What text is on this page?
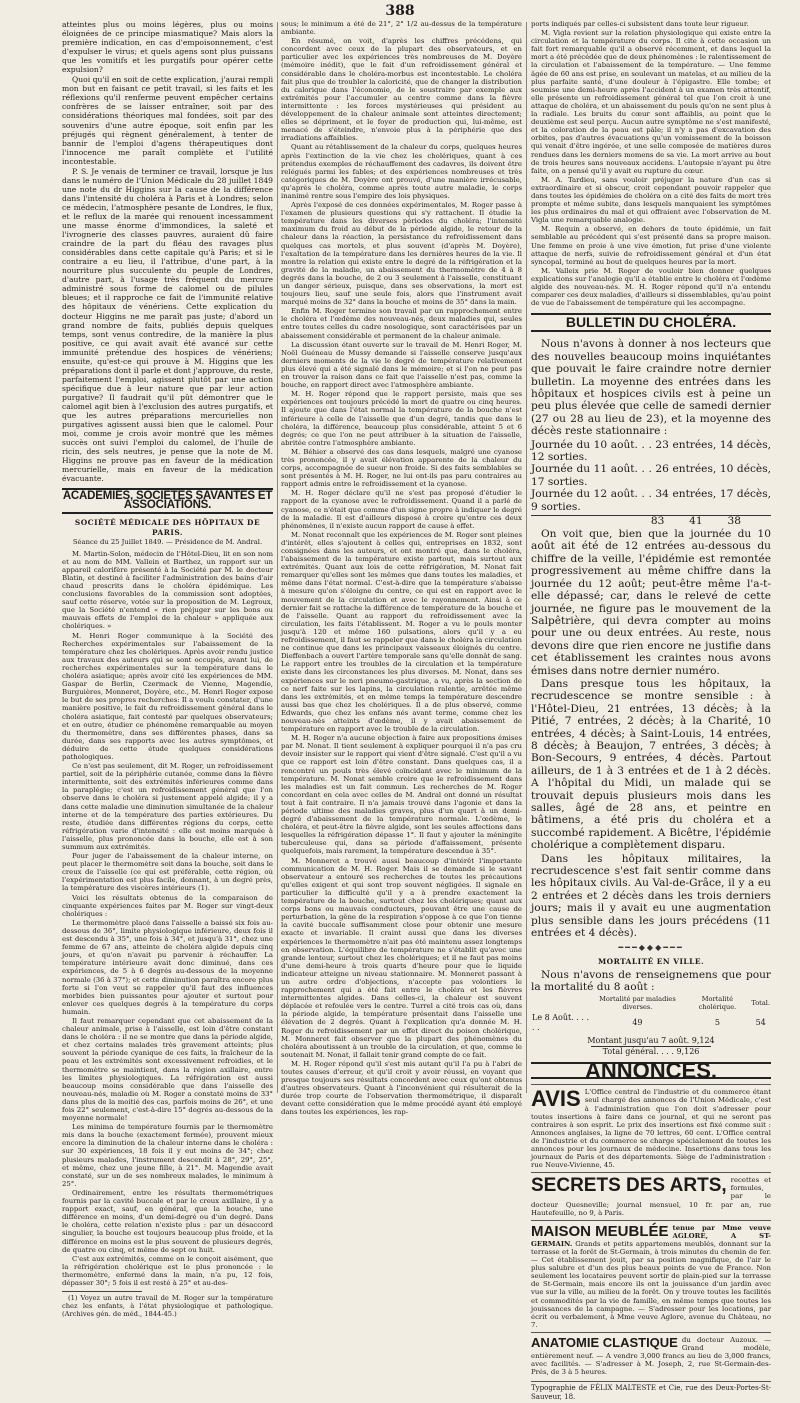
388

atteintes plus ou moins légères, plus ou moins éloignées de ce principe miasmatique? Mais alors la première indication, en cas d'empoisonnement, c'est d'expulser le virus; et quels agens sont plus puissans que les vomitifs et les purgatifs pour opérer cette expulsion?

Quoi qu'il en soit de cette explication, j'aurai rempli mon but en faisant ce petit travail, si les faits et les réflexions qu'il renferme peuvent empêcher certains confrères de se laisser entraîner, soit par des considérations théoriques mal fondées, soit par des souvenirs d'une autre époque, soit enfin par les préjugés qui règnent généralement, à tenter de bannir de l'emploi d'agens thérapeutiques dont l'innocence me paraît complète et l'utilité incontestable.

P. S. Je venais de terminer ce travail, lorsque je lus dans le numéro de l'Union Médicale du 28 juillet 1849 une note du dr Higgins sur la cause de la différence dans l'intensité du choléra à Paris et à Londres; selon ce médecin, l'atmosphère pesante de Londres, le flux, et le reflux de la marée qui renouent incessamment une masse énorme d'immondices, la saleté et l'ivrognerie des classes pauvres, auraient dû faire craindre de la part du fléau des ravages plus considérables dans cette capitale qu'à Paris; et si le contraire a eu lieu, il l'attribue, d'une part, à la nourriture plus succulente du peuple de Londres, d'autre part, à l'usage très fréquent du mercure administré sous forme de calomel ou de pilules bleues; et il rapproche ce fait de l'immunité relative des hôpitaux de vénériens. Cette explication du docteur Higgins ne me paraît pas juste; d'abord un grand nombre de faits, publiés depuis quelques temps, sont venus contredire, de la manière la plus positive, ce qui avait avait été avancé sur cette immunité prétendue des hospices de vénériens; ensuite, qu'est-ce qui prouve à M. Higgins que les préparations dont il parle et dont j'approuve, du reste, parfaitement l'emploi, agissent plutôt par une action spécifique due à leur nature que par leur action purgative? Il faudrait qu'il pût démontrer que le calomel agit bien à l'exclusion des autres purgatifs, et que les autres préparations mercurielles non purgatives agissent aussi bien que le calomel. Pour moi, comme je crois avoir montré que les mêmes succès ont suivi l'emploi du calomel, de l'huile de ricin, des sels neutres, je pense que la note de M. Higgins ne prouve pas en faveur de la médication mercurielle, mais en faveur de la médication évacuante.

ACADÉMIES, SOCIÉTÉS SAVANTES ET ASSOCIATIONS.
SOCIÉTÉ MÉDICALE DES HÔPITAUX DE PARIS.
Séance du 25 Juillet 1849. — Présidence de M. Andral.

M. Martin-Solon, médecin de l'Hôtel-Dieu, lit en son nom et au nom de MM. Vallein et Barthez, un rapport sur un appareil calorifère présenté à la Société par M. le docteur Blatin, et destiné à faciliter l'administration des bains d'air chaud prescrits dans le choléra épidémique. Les conclusions favorables de la commission sont adoptées, sauf cette réserve, votée sur la proposition de M. Legroux, que la Société n'entend « rien préjuger sur les bons ou mauvais effets de l'emploi de la chaleur » appliquée aux cholériques. »

M. Henri Roger communique à la Société des Recherches expérimentales sur l'abaissement de la température chez les cholériques. Après avoir rendu justice aux travaux des auteurs qui se sont occupés, avant lui, de recherches expérimentales sur la température dans le choléra asiatique; après avoir cité les expériences de MM. Gaspar de Berlin, Czermack de Vienne, Magendie, Burguières, Monneret, Doyère, etc., M. Henri Roger expose le but de ses propres recherches: Il a voulu constater, d'une manière positive, le fait du refroidissement général dans le choléra asiatique, fait contesté par quelques observateurs; et en outre, étudier ce phénomène remarquable au moyen du thermomètre, dans ses différentes phases, dans sa durée, dans ses rapports avec les autres symptômes, et déduire de cette étude quelques considérations pathologiques.

Ce n'est pas seulement, dit M. Roger, un refroidissement partiel, soit de la périphérie cutanée, comme dans la fièvre intermittente, soit des extrémités inférieures comme dans la paraplégie; c'est un refroidissement général que l'on observe dans le choléra si justement appelé algide; il y a dans cette maladie une diminution simultanée de la chaleur interne et de la température des parties extérieures. Du reste, étudiée dans différentes régions du corps, cette réfrigération varie d'intensité : elle est moins marquée à l'aisselle, plus prononcée dans la bouche, elle est à son summum aux extrémités.

Pour juger de l'abaissement de la chaleur interne, on peut placer le thermomètre soit dans la bouche, soit dans le creux de l'aisselle (ce qui est préférable, cette région, où l'expérimentation est plus facile, donnant, à un degré près, la température des viscères intérieurs (1).

Voici les résultats obtenus de la comparaison de cinquante expériences faites par M. Roger sur vingt-deux cholériques :

Le thermomètre placé dans l'aisselle a baissé six fois au-dessous de 36°, limite physiologique inférieure, deux fois il est descendu à 35°, une fois à 34°, et jusqu'à 31°, chez une femme de 67 ans, atteinte de choléra algide depuis cinq jours, et qu'on n'avait pu parvenir à réchauffer. La température intérieure avait donc diminué, dans ces expériences, de 5 à 6 degrés au-dessous de la moyenne normale (36 à 37°); et cette diminution paraîtra encore plus forte si l'on veut se rappeler qu'il faut des influences morbides bien puissantes pour ajouter et surtout pour enlever ces quelques degrés à la température du corps humain.

Il faut remarquer cependant que cet abaissement de la chaleur animale, prise à l'aisselle, est loin d'être constant dans le choléra : il ne se montre que dans la période algide, et chez certains malades très gravement atteints; plus souvent la période cyanique de ces faits, la fraîcheur de la peau et les extrémités sont excessivement refroidies, et le thermomètre se maintient, dans la région axillaire, entre les limites physiologiques. La réfrigération est aussi beaucoup moins considérable que dans l'aisselle des nouveau-nés, maladie où M. Roger a constaté moins de 33° dans plus de la moitié des cas, parfois moins de 26°, et une fois 22° seulement, c'est-à-dire 15° degrés au-dessous de la moyenne normale!

Les minima de température fournis par le thermomètre mis dans la bouche (exactement fermée), prouvent mieux encore la diminution de la chaleur interne dans le choléra : sur 30 expériences, 18 fois il y eut moins de 34°; chez plusieurs malades, l'instrument descendit à 28°, 29°, 25°, et même, chez une jeune fille, à 21°. M. Magendie avait constaté, sur un de ses nombreux malades, le minimum à 25°.

Ordinairement, entre les résultats thermométriques fournis par la cavité buccale et par le creux axillaire, il y a rapport exact, sauf, en général, que la bouche, une différence en moins, d'un demi-degré ou d'un degré. Dans le choléra, cette relation n'existe plus : par un désaccord singulier, la bouche est toujours beaucoup plus froide, et la différence en moins est le plus souvent de plusieurs degrés, de quatre ou cinq, et même de sept ou huit.

C'est aux extrémités, comme on le conçoit aisément, que la réfrigération cholérique est le plus prononcée : le thermomètre, enfermé dans la main, n'a pu, 12 fois, dépasser 30°; 5 fois il est resté à 25° et au-des-

(1) Voyez un autre travail de M. Roger sur la température chez les enfants, à l'état physiologique et pathologique. (Archives gén. de méd., 1844-45.)

sous; le minimum a été de 21°, 2° 1/2 au-dessus de la température ambiante.

En résumé, on voit, d'après les chiffres précédens, qui concordent avec ceux de la plupart des observateurs, et en particulier avec les expériences très nombreuses de M. Doyère (mémoire inédit), que le fait d'un refroidissement général et considérable dans le choléra-morbus est incontestable. Le choléra fait plus que de troubler la caloricité, que de changer la distribution du calorique dans l'économie, de le soustraire par exemple aux extrémités pour l'accumuler au centre comme dans la fièvre intermittente : les forces mystérieuses qui président au développement de la chaleur animale sont atteintes directement; elles se dépriment, et le foyer de production qui, lui-même, est menacé de s'éteindre, n'envoie plus à la périphérie que des irradiations affaiblies.

Quant au rétablissement de la chaleur du corps, quelques heures après l'extinction de la vie chez les cholériques, quant à ces prétendus exemples de réchauffement des cadavres, ils doivent être relégués parmi les fables; et des expériences nombreuses et très catégoriques de M. Doyère ont prouvé, d'une manière irrécusable, qu'après le choléra, comme après toute autre maladie, le corps inanimé rentre sous l'empire des lois physiques.

Après l'exposé de ces données expérimentales, M. Roger passe à l'examen de plusieurs questions qui s'y rattachent. Il étudie la température dans les diverses périodes du choléra; l'intensité maximum du froid au début de la période algide, le retour de la chaleur dans la réaction, la persistance du refroidissement dans quelques cas mortels, et plus souvent (d'après M. Doyère), l'exaltation de la température dans les dernières heures de la vie. Il montre la relation qui existe entre le degré de la réfrigération et la gravité de la maladie, un abaissement du thermomètre de 4 à 8 degrés dans la bouche, de 2 ou 3 seulement à l'aisselle, constituant un danger sérieux, puisque, dans ses observations, la mort est toujours lieu, sauf une seule fois, alors que l'instrument avait marqué moins de 32° dans la bouche et moins de 35° dans la main.

Enfin M. Roger termine son travail par un rapprochement entre le choléra et l'œdème des nouveau-nés, deux maladies qui, seules entre toutes celles du cadre nosologique, sont caractérisées par un abaissement considérable et permanent de la chaleur animale.

La discussion étant ouverte sur le travail de M. Henri Roger, M. Noël Guéneau de Mussy demande si l'aisselle conserve jusqu'aux derniers moments de la vie le degré de température relativement plus élevé qui a été signalé dans le mémoire; et si l'on ne peut pas en trouver la raison dans ce fait que l'aisselle n'est pas, comme la bouche, en rapport direct avec l'atmosphère ambiante.

M. H. Roger répond que le rapport persiste, mais que ses expériences ont toujours précédé la mort de quatre ou cinq heures. Il ajoute que dans l'état normal la température de la bouche n'est inférieure à celle de l'aisselle que d'un degré, tandis que dans le choléra, la différence, beaucoup plus considérable, atteint 5 et 6 degrés; ce que l'on ne peut attribuer à la situation de l'aisselle, abritée contre l'atmosphère ambiante.

M. Béhier a observé des cas dans lesquels, malgré une cyanose très prononcée, il y avait élévation apparente de la chaleur du corps, accompagnée de sueur non froide. Si des faits semblables se sont présentés à M. H. Roger, ne lui ont-ils pas paru contraires au rapport admis entre le refroidissement et la cyanose.

M. H. Roger déclare qu'il ne s'est pas proposé d'étudier le rapport de la cyanose avec le refroidissement. Quand il a parlé de cyanose, ce n'était que comme d'un signe propre à indiquer le degré de la maladie. Il est d'ailleurs disposé à croire qu'entre ces deux phénomènes, il n'existe aucun rapport de cause à effet.

M. Nonat reconnaît que les expériences de M. Roger sont pleines d'intérêt, elles s'ajoutent à celles qui, entreprises en 1832, sont consignées dans les auteurs, et ont montré que, dans le choléra, l'abaissement de la température existe partout, mais surtout aux extrémités. Quant aux lois de cette réfrigération, M. Nonat fait remarquer qu'elles sont les mêmes que dans toutes les maladies, et même dans l'état normal. C'est-à-dire que la température s'abaisse à mesure qu'on s'éloigne du centre, ce qui est en rapport avec le mouvement de la circulation et avec le rayonnement. Ainsi à ce dernier fait se rattache la différence de température de la bouche et de l'aisselle. Quant au rapport du refroidissement avec la circulation, les faits l'établissent. M. Roger a vu le pouls monter jusqu'à 120 et même 160 pulsations, alors qu'il y a eu refroidissement, il faut se rappeler que dans le choléra la circulation ne continue que dans les principaux vaisseaux éloignés du centre. Dieffenbach a ouvert l'artère temporale sans qu'elle donnât de sang. Le rapport entre les troubles de la circulation et la température existe dans les circonstances les plus diverses. M. Nonat, dans ses expériences sur le neri pneumo-gastrique, a vu, après la section de ce nerf faite sur les lapins, la circulation ralentie, arrêtée même dans les extrémités, et en même temps la température descendre aussi bas que chez les cholériques. Il a de plus observé, comme Edwards, que chez les enfans nés avant terme, comme chez les nouveau-nés atteints d'œdème, il y avait abaissement de température en rapport avec le trouble de la circulation.

M. H. Roger n'a aucune objection à faire aux propositions émises par M. Nonat. Il tient seulement à expliquer pourquoi il n'a pas cru devoir insister sur le rapport qui vient d'être signalé. C'est qu'il a vu que ce rapport est loin d'être constant. Dans quelques cas, il a rencontré un pouls très élevé coïncidant avec le minimum de la température. M. Nonat semble croire que le refroidissement dans les maladies est un fait commun. Les recherches de M. Roger concordant en cela avec celles de M. Andral ont donné un résultat tout à fait contraire. Il n'a jamais trouvé dans l'agonie et dans la période ultime des maladies graves, plus d'un quart à un demi-degré d'abaissement de la température normale. L'œdème, le choléra, et peut-être la fièvre algide, sont les seules affections dans lesquelles la réfrigération dépasse 1°. Il faut y ajouter la méningite tuberculeuse qui, dans sa période d'affaissement, présente quelquefois, mais rarement, la température descendue à 35°.

M. Monneret a trouvé aussi beaucoup d'intérêt l'importante communication de M. H. Roger. Mais il se demande si le savant observateur a entouré ses recherches de toutes les précautions qu'elles exigent et qui sont trop souvent négligées. Il signale en particulier la difficulté qu'il y a à prendre exactement la température de la bouche, surtout chez les cholériques; quant aux corps bons ou mauvais conducteurs, pouvant être une cause de perturbation, la gêne de la respiration s'oppose à ce que l'on tienne la cavité buccale suffisamment close pour obtenir une mesure exacte et invariable. Il craint aussi que dans les diverses expériences le thermomètre n'ait pas été maintenu assez longtemps en observation. L'équilibre de température ne s'établit qu'avec une grande lenteur, surtout chez les cholériques; et il ne faut pas moins d'une demi-heure à trois quarts d'heure pour que le liquide indicateur atteigne un niveau stationnaire. M. Monneret passant à un autre ordre d'objections, n'accepte pas volontiers le rapprochement qui a été fait entre le choléra et les fièvres intermittentes algides. Dans celles-ci, la chaleur est souvent déplacée et refoulée vers le centre. Turrel a cité trois cas où, dans la période algide, la température présentait dans l'aisselle une élévation de 2 degrés. Quant à l'explication qu'a donnée M. H. Roger du refroidissement par un effet direct du poison cholérique, M. Monneret fait observer que la plupart des phénomènes du choléra aboutissent à un trouble de la circulation, et que, comme le soutenait M. Nonat, il fallait tenir grand compte de ce fait.

M. H. Roger répond qu'il s'est mis autant qu'il l'a pu à l'abri de toutes causes d'erreur, et qu'il croit y avoir réussi, en voyant que presque toujours ses résultats concordent avec ceux qu'ont obtenus d'autres observateurs. Quant à l'inconvénient qui résulterait de la durée trop courte de l'observation thermométrique, il disparaît devant cette considération que le même procédé ayant été employé dans toutes les expériences, les rap-

ports indiqués par celles-ci subsistent dans toute leur rigueur.

M. Vigla revient sur la relation physiologique qui existe entre la circulation et la température du corps. Il cite à cette occasion un fait fort remarquable qu'il a observé récemment, et dans lequel la mort a été précédée que de deux phénomènes : le ralentissement de la circulation et l'abaissement de la température. — Une femme âgée de 60 ans est prise, en soulevant un matelas, et au milieu de la plus parfaite santé, d'une douleur à l'épigastre. Elle tombe; et soumise une demi-heure après l'accident à un examen très attentif, elle présente un refroidissement général tel que l'on croit à une attaque de choléra, et un abaissement du pouls qu'on ne sent plus à la radiale. Les bruits du cœur sont affaiblis, au point que le deuxième est seul perçu. Aucun autre symptôme ne s'est manifesté, et la coloration de la peau est pâle; il n'y a pas d'excavation des orbites, pas d'autres évacuations qu'un vomissement de la boisson qui venait d'être ingérée, et une selle composée de matières dures rendues dans les derniers momens de sa vie. La mort arrive au bout de trois heures sans nouveaux accidens. L'autopsie n'ayant pu être faite, on a pensé qu'il y avait eu rupture du cœur.

M. A. Tardieu, sans vouloir préjuger la nature d'un cas si extraordinaire et si obscur, croit cependant pouvoir rappeler que dans toutes les épidémies de choléra on a cité des faits de mort très prompte et même subite, dans lesquels manquaient les symptômes les plus ordinaires du mal et qui offraient avec l'observation de M. Vigla une remarquable analogie.

M. Requin a observé, en dehors de toute épidémie, un fait semblable au précédent qui s'est présenté dans sa propre maison. Une femme en proie à une vive émotion, fut prise d'une violente attaque de nerfs, suivie de refroidissement général et d'un état syncopal, terminé au bout de quelques heures par la mort.

M. Valleix prie M. Roger de vouloir bien donner quelques explications sur l'analogie qu'il a établie entre le choléra et l'œdème algide des nouveau-nés. M. H. Roger répond qu'il n'a entendu comparer ces deux maladies, d'ailleurs si dissemblables, qu'au point de vue de l'abaissement de température qui les accompagne.

BULLETIN DU CHOLÉRA.

Nous n'avons à donner à nos lecteurs que des nouvelles beaucoup moins inquiétantes que pouvait le faire craindre notre dernier bulletin. La moyenne des entrées dans les hôpitaux et hospices civils est à peine un peu plus élevée que celle de samedi dernier (27 ou 28 au lieu de 23), et la moyenne des décès reste stationnaire :

Journée du 10 août. . . 23 entrées, 14 décès, 12 sorties.
Journée du 11 août. . . 26 entrées, 10 décès, 17 sorties.
Journée du 12 août. . . 34 entrées, 17 décès, 9 sorties.
83 41 38

On voit que, bien que la journée du 10 août ait été de 12 entrées au-dessous du chiffre de la veille, l'épidémie est remontée progressivement au même chiffre dans la journée du 12 août; peut-être même l'a-t-elle dépassé; car, dans le relevé de cette journée, ne figure pas le mouvement de la Salpêtrière, qui devra compter au moins pour une ou deux entrées. Au reste, nous devons dire que rien encore ne justifie dans cet établissement les craintes nous avons émises dans notre dernier numéro.

Dans presque tous les hôpitaux, la recrudescence se montre sensible : à l'Hôtel-Dieu, 21 entrées, 13 décès; à la Pitié, 7 entrées, 2 décès; à la Charité, 10 entrées, 4 décès; à Saint-Louis, 14 entrées, 8 décès; à Beaujon, 7 entrées, 3 décès; à Bon-Secours, 9 entrées, 4 décès. Partout ailleurs, de 1 à 3 entrées et de 1 à 2 décès. A l'hôpital du Midi, un malade qui se trouvait depuis plusieurs mois dans les salles, âgé de 28 ans, et peintre en bâtimens, a été pris du choléra et a succombé rapidement. A Bicêtre, l'épidémie cholérique a complètement disparu.

Dans les hôpitaux militaires, la recrudescence s'est fait sentir comme dans les hôpitaux civils. Au Val-de-Grâce, il y a eu 2 entrées et 2 décès dans les trois derniers jours; mais il y avait eu une augmentation plus sensible dans les jours précédens (11 entrées et 4 décès).

━━━◆◆◆━━━
MORTALITÉ EN VILLE.

Nous n'avons de renseignemens que pour la mortalité du 8 août :

	Mortalité par maladies diverses.	Mortalité cholérique.	Total.
Le 8 Août. . . . . .	49	5	54
Montant jusqu'au 7 août. 9,124
Total général. . . . 9,126
ANNONCES.
AVIS L'Office central de l'industrie et du commerce étant seul chargé des annonces de l'Union Médicale, c'est à l'administration que l'on doit s'adresser pour toutes insertions à faire dans ce journal, et qui ne seront pas contraires à son esprit. Le prix des insertions est fixé comme suit : Annonces anglaises, la ligne de 70 lettres, 60 cent. L'Office central de l'industrie et du commerce se charge spécialement de toutes les annonces pour les journaux de médecine. Insertions dans tous les journaux de Paris et des départements. Siège de l'administration : rue Neuve-Vivienne, 45.
SECRETS DES ARTS, recettes et formules, par le docteur Quesneville; journal mensuel, 10 fr. par an, rue Hautefeuille, no 9, à Paris.
MAISON MEUBLÉE tenue par Mme veuve AGLORE, A ST-GERMAIN. Grands et petits appartemens meublés, donnant sur la terrasse et la forêt de St-Germain, à trois minutes du chemin de fer. — Cet établissement jouit, par sa position magnifique, de l'air le plus salubre et d'un des plus beaux points de vue de France. Non seulement les locataires peuvent sortir de plain-pied sur la terrasse de St-Germain, mais encore ils ont la jouissance d'un jardin avec vue sur la ville, au milieu de la forêt. On y trouve toutes les facilités et commodités par la vie de famille, en même temps que toutes les jouissances de la campagne. — S'adresser pour les locations, par écrit ou verbalement, à Mme veuve Aglore, avenue du Château, no 7.
ANATOMIE CLASTIQUE du docteur Auzoux. — Grand modèle, entièrement neuf. — A vendre 3,000 francs au lieu de 3,000 francs, avec facilités. — S'adresser à M. Joseph, 2, rue St-Germain-des-Prés, de 3 à 5 heures.
Typographie de FÉLIX MALTESTE et Cie, rue des Deux-Portes-St-Sauveur, 18.
